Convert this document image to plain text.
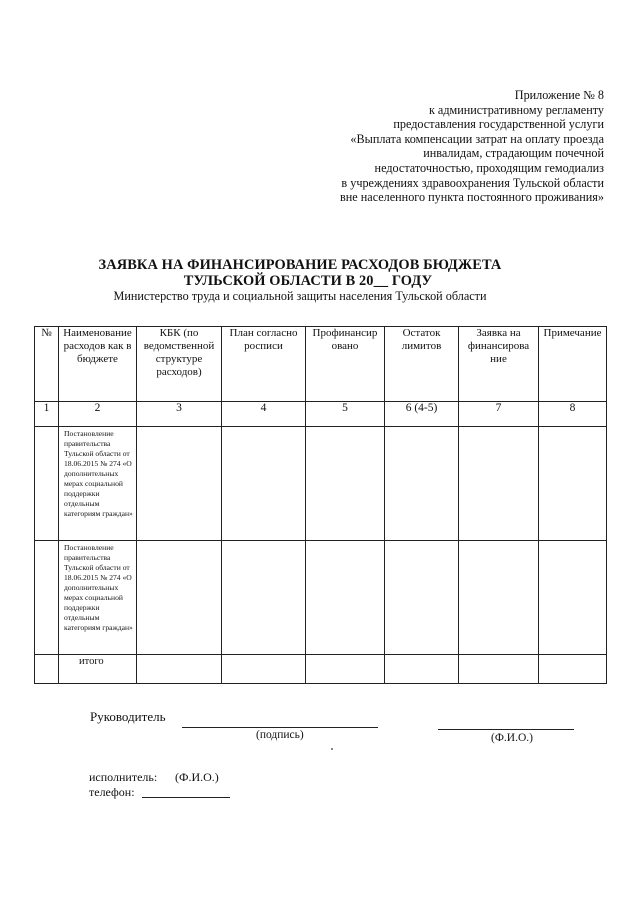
Приложение № 8
к административному регламенту
предоставления государственной услуги
«Выплата компенсации затрат на оплату проезда
инвалидам, страдающим почечной
недостаточностью, проходящим гемодиализ
в учреждениях здравоохранения Тульской области
вне населенного пункта постоянного проживания»
ЗАЯВКА НА ФИНАНСИРОВАНИЕ РАСХОДОВ БЮДЖЕТА
ТУЛЬСКОЙ ОБЛАСТИ В 20__ ГОДУ
Министерство труда и социальной защиты населения Тульской области
№	Наименование расходов как в бюджете	КБК (по ведомственной структуре расходов)	План согласно росписи	Профинансир овано	Остаток лимитов	Заявка на финансирова ние	Примечание
1	2	3	4	5	6 (4-5)	7	8
	Постановление правительства Тульской области от 18.06.2015 № 274 «О дополнительных мерах социальной поддержки отдельным категориям граждан»						
	Постановление правительства Тульской области от 18.06.2015 № 274 «О дополнительных мерах социальной поддержки отдельным категориям граждан»						
	итого						
Руководитель
(подпись)	(Ф.И.О.)
исполнитель: (Ф.И.О.)
телефон:
